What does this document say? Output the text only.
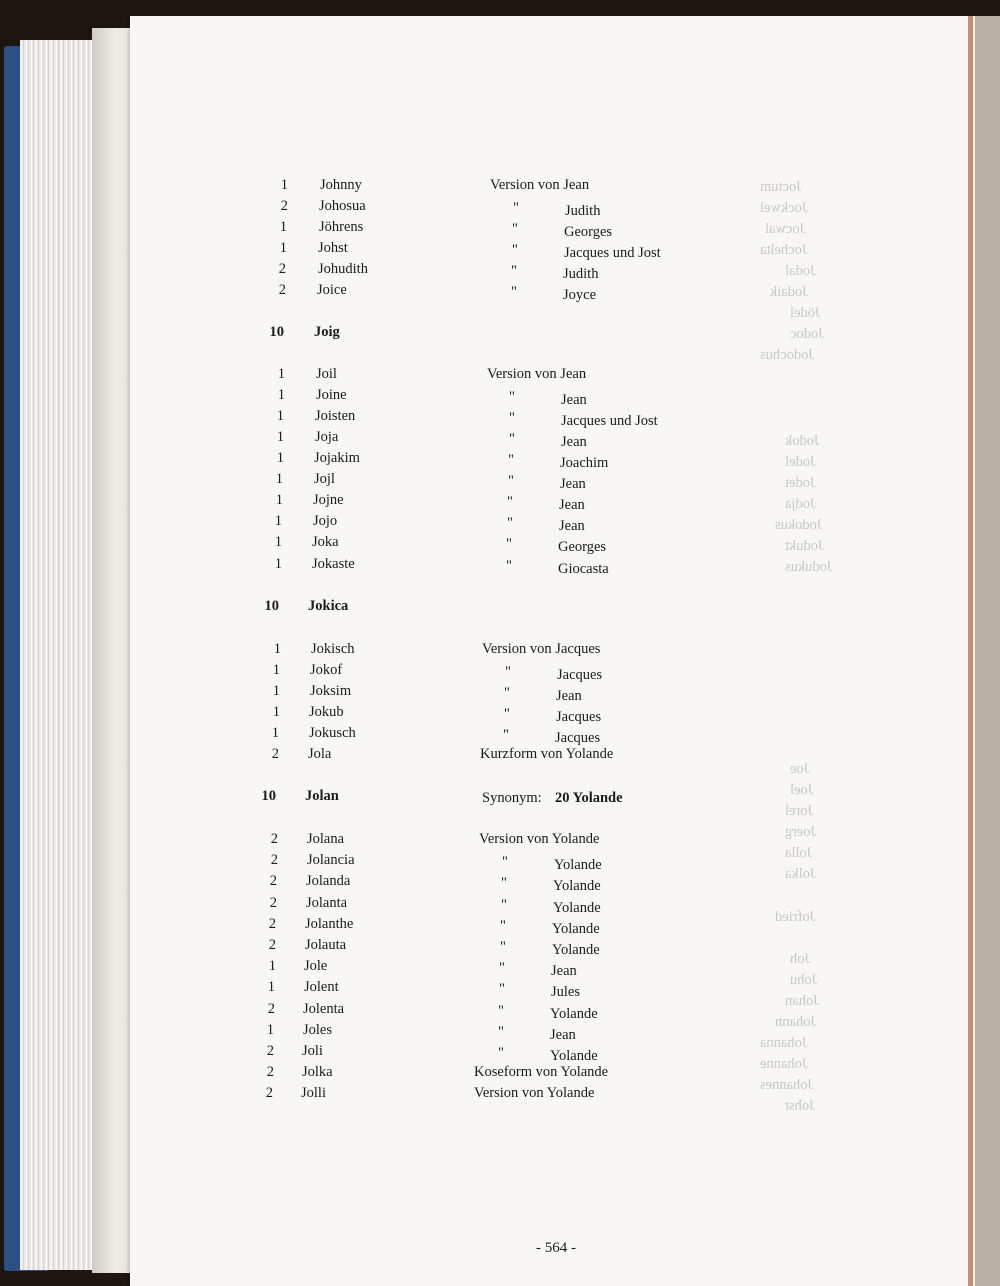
Joctum
Jockwel
Jocwal
Jochelta
Jodal
Jodaik
Jödel
Jodoc
Jodochus
Jodok
Jodel
Jodet
Jodja
Jodokus
Jodukt
Jodukus
Joe
Joel
Jorel
Joerg
Jolla
Jolka
Jofried
Joh
Johu
Johan
Johann
Johanna
Johanne
Johannes
Johst
1 Johnny	Version von Jean
2 Johosua	"	Judith
1 Jöhrens	"	Georges
1 Johst	"	Jacques und Jost
2 Johudith	"	Judith
2 Joice	"	Joyce
10 Joig
1 Joil	Version von Jean
1 Joine	"	Jean
1 Joisten	"	Jacques und Jost
1 Joja	"	Jean
1 Jojakim	"	Joachim
1 Jojl	"	Jean
1 Jojne	"	Jean
1 Jojo	"	Jean
1 Joka	"	Georges
1 Jokaste	"	Giocasta
10 Jokica
1 Jokisch	Version von Jacques
1 Jokof	"	Jacques
1 Joksim	"	Jean
1 Jokub	"	Jacques
1 Jokusch	"	Jacques
2 Jola	Kurzform von Yolande
10 Jolan	Synonym: 20 Yolande
2 Jolana	Version von Yolande
2 Jolancia	"	Yolande
2 Jolanda	"	Yolande
2 Jolanta	"	Yolande
2 Jolanthe	"	Yolande
2 Jolauta	"	Yolande
1 Jole	"	Jean
1 Jolent	"	Jules
2 Jolenta	"	Yolande
1 Joles	"	Jean
2 Joli	"	Yolande
2 Jolka	Koseform von Yolande
2 Jolli	Version von Yolande
- 564 -
